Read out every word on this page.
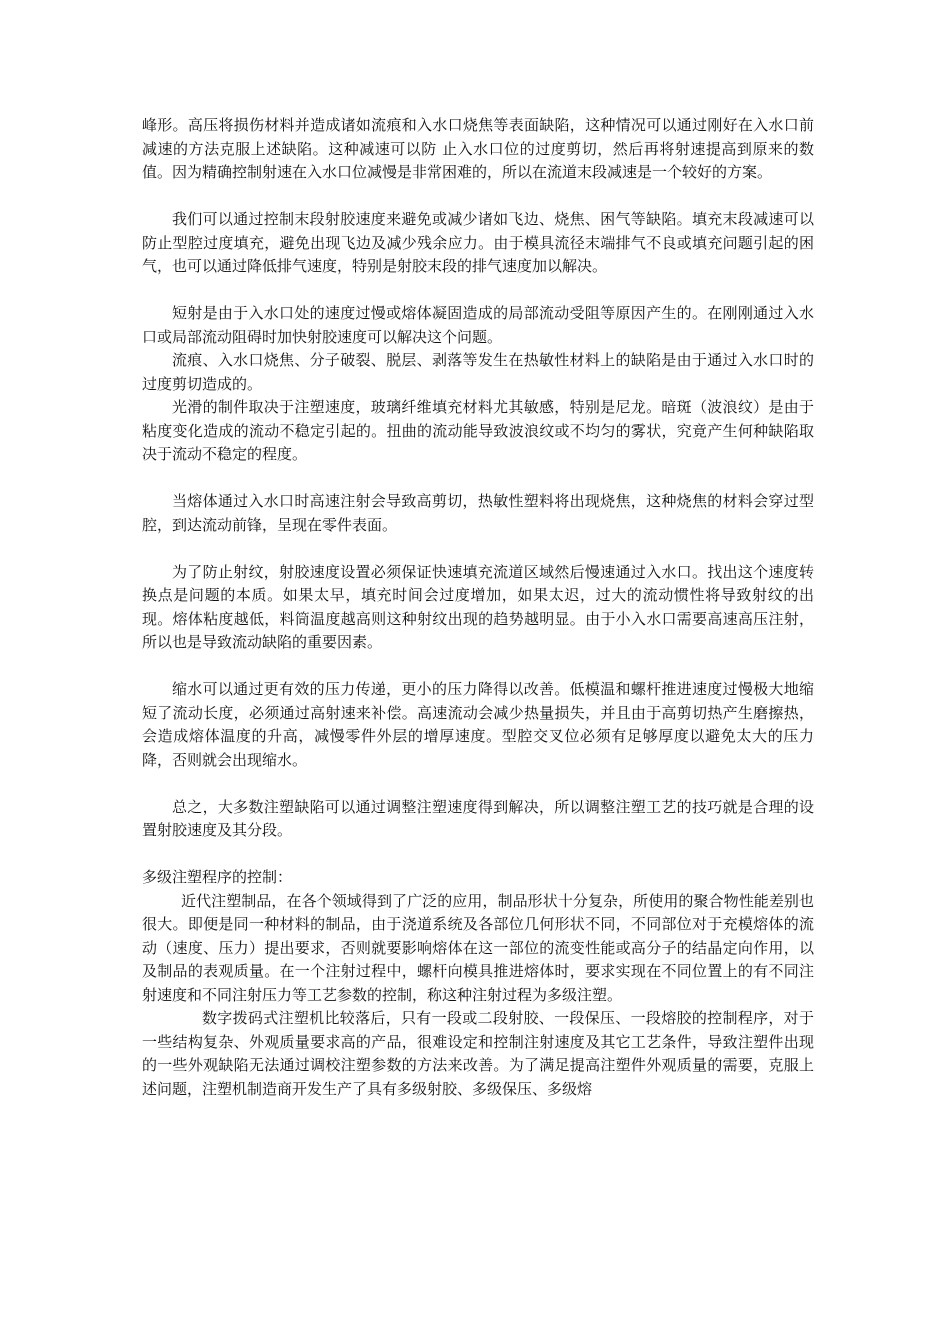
峰形。高压将损伤材料并造成诸如流痕和入水口烧焦等表面缺陷，这种情况可以通过刚好在入水口前减速的方法克服上述缺陷。这种减速可以防 止入水口位的过度剪切，然后再将射速提高到原来的数值。因为精确控制射速在入水口位减慢是非常困难的，所以在流道末段减速是一个较好的方案。

我们可以通过控制末段射胶速度来避免或减少诸如飞边、烧焦、困气等缺陷。填充末段减速可以防止型腔过度填充，避免出现飞边及减少残余应力。由于模具流径末端排气不良或填充问题引起的困气，也可以通过降低排气速度，特别是射胶末段的排气速度加以解决。

短射是由于入水口处的速度过慢或熔体凝固造成的局部流动受阻等原因产生的。在刚刚通过入水口或局部流动阻碍时加快射胶速度可以解决这个问题。

流痕、入水口烧焦、分子破裂、脱层、剥落等发生在热敏性材料上的缺陷是由于通过入水口时的过度剪切造成的。

光滑的制件取决于注塑速度，玻璃纤维填充材料尤其敏感，特别是尼龙。暗斑（波浪纹）是由于粘度变化造成的流动不稳定引起的。扭曲的流动能导致波浪纹或不均匀的雾状，究竟产生何种缺陷取决于流动不稳定的程度。

当熔体通过入水口时高速注射会导致高剪切，热敏性塑料将出现烧焦，这种烧焦的材料会穿过型腔，到达流动前锋，呈现在零件表面。

为了防止射纹，射胶速度设置必须保证快速填充流道区域然后慢速通过入水口。找出这个速度转换点是问题的本质。如果太早，填充时间会过度增加，如果太迟，过大的流动惯性将导致射纹的出现。熔体粘度越低，料筒温度越高则这种射纹出现的趋势越明显。由于小入水口需要高速高压注射，所以也是导致流动缺陷的重要因素。

缩水可以通过更有效的压力传递，更小的压力降得以改善。低模温和螺杆推进速度过慢极大地缩短了流动长度，必须通过高射速来补偿。高速流动会减少热量损失，并且由于高剪切热产生磨擦热，会造成熔体温度的升高，减慢零件外层的增厚速度。型腔交叉位必须有足够厚度以避免太大的压力降，否则就会出现缩水。

总之，大多数注塑缺陷可以通过调整注塑速度得到解决，所以调整注塑工艺的技巧就是合理的设置射胶速度及其分段。

多级注塑程序的控制：

近代注塑制品，在各个领域得到了广泛的应用，制品形状十分复杂，所使用的聚合物性能差别也很大。即便是同一种材料的制品，由于浇道系统及各部位几何形状不同，不同部位对于充模熔体的流动（速度、压力）提出要求，否则就要影响熔体在这一部位的流变性能或高分子的结晶定向作用，以及制品的表观质量。在一个注射过程中，螺杆向模具推进熔体时，要求实现在不同位置上的有不同注射速度和不同注射压力等工艺参数的控制，称这种注射过程为多级注塑。

数字拨码式注塑机比较落后，只有一段或二段射胶、一段保压、一段熔胶的控制程序，对于一些结构复杂、外观质量要求高的产品，很难设定和控制注射速度及其它工艺条件，导致注塑件出现的一些外观缺陷无法通过调校注塑参数的方法来改善。为了满足提高注塑件外观质量的需要，克服上述问题，注塑机制造商开发生产了具有多级射胶、多级保压、多级熔
